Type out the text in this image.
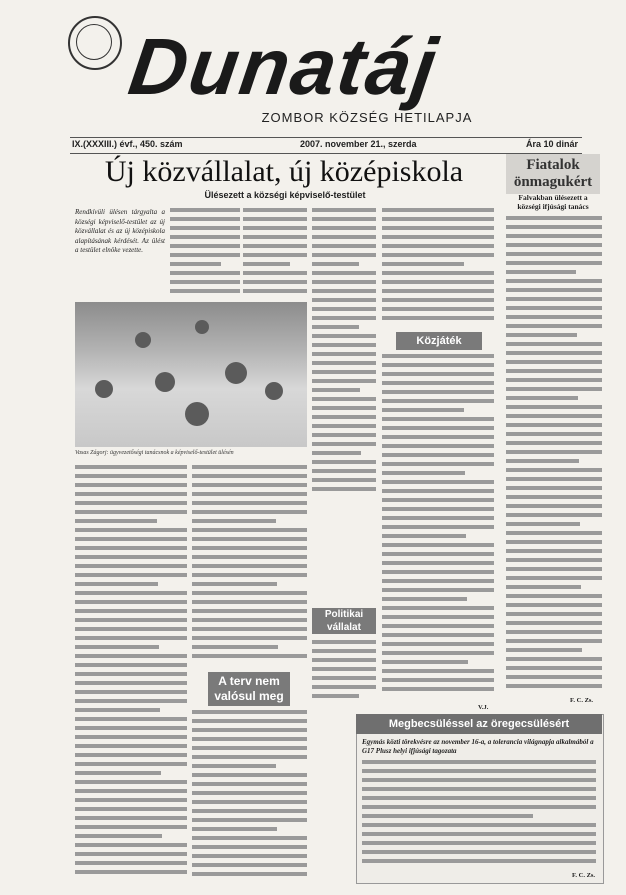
Dunatáj
ZOMBOR KÖZSÉG HETILAPJA
IX.(XXXIII.) évf., 450. szám	2007. november 21., szerda	Ára 10 dinár
Új közvállalat, új középiskola
Ülésezett a községi képviselő-testület
Rendkívüli ülésen tárgyalta a községi képviselő-testület az új közvállalat és az új középiskola alapításának kérdését. Az ülést a testület elnöke vezette.
Vasas Zágorj: ügyvezetőségi tanácsnok a képviselő-testület ülésén
A terv nem valósul meg
Politikai vállalat
Közjáték
V.J.
Fiatalok önmagukért
Falvakban ülésezett a községi ifjúsági tanács
F. C. Zs.
Megbecsüléssel az öregecsülésért
Egymás közti törekvésre az november 16-a, a toleranciа világnapja alkalmából a G17 Plusz helyi ifjúsági tagozata
F. C. Zs.
